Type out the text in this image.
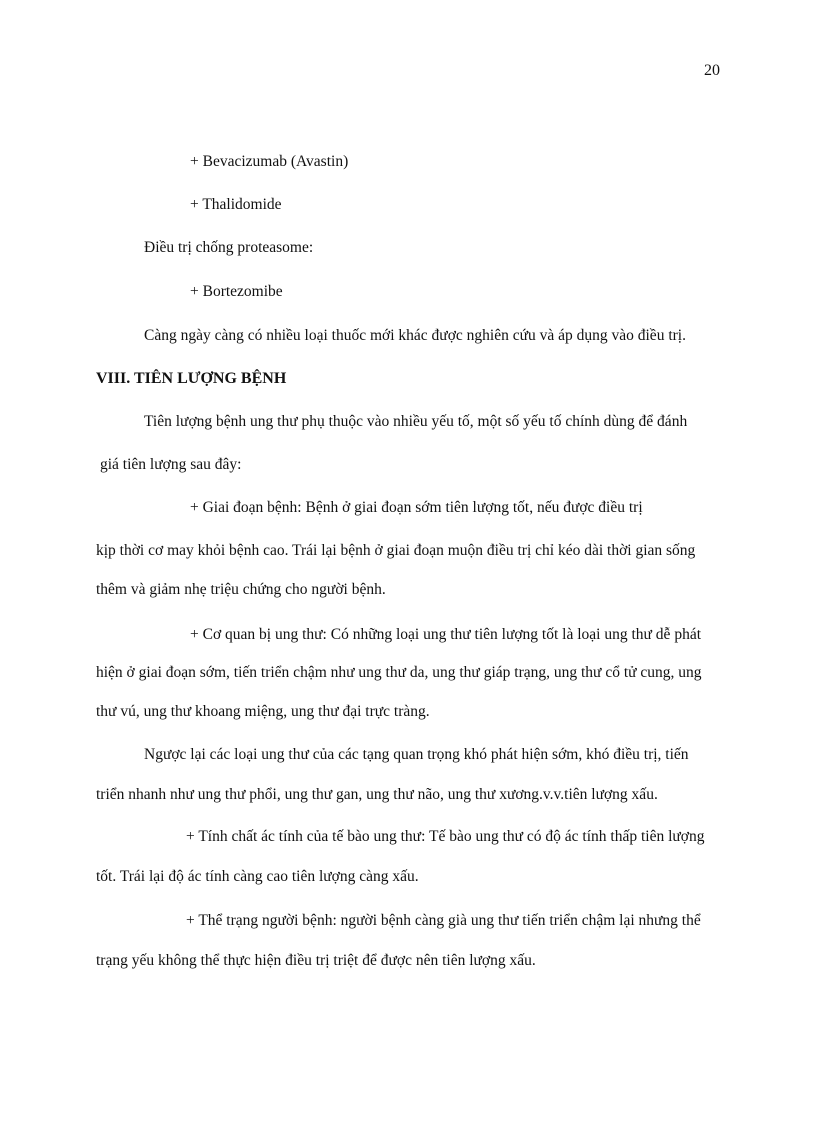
20
+ Bevacizumab (Avastin)
+ Thalidomide
Điều trị chống proteasome:
+ Bortezomibe
Càng ngày càng có nhiều loại thuốc mới khác được nghiên cứu và áp dụng vào điều trị.
VIII. TIÊN LƯỢNG BỆNH
Tiên lượng bệnh ung thư phụ thuộc vào nhiều yếu tố, một số yếu tố chính dùng để đánh
giá tiên lượng sau đây:
+ Giai đoạn bệnh: Bệnh ở giai đoạn sớm tiên lượng tốt, nếu được điều trị
kịp thời cơ may khỏi bệnh cao. Trái lại bệnh ở giai đoạn muộn điều trị chỉ kéo dài thời gian sống
thêm và giảm nhẹ triệu chứng cho người bệnh.
+ Cơ quan bị ung thư: Có những loại ung thư tiên lượng tốt là loại ung thư dễ phát
hiện ở giai đoạn sớm, tiến triển chậm như ung thư da, ung thư giáp trạng, ung thư cổ tử cung, ung
thư vú, ung thư khoang miệng, ung thư đại trực tràng.
Ngược lại các loại ung thư của các tạng quan trọng khó phát hiện sớm, khó điều trị, tiến
triển nhanh như ung thư phổi, ung thư gan, ung thư não, ung thư xương.v.v.tiên lượng xấu.
+ Tính chất ác tính của tế bào ung thư: Tế bào ung thư có độ ác tính thấp tiên lượng
tốt. Trái lại độ ác tính càng cao tiên lượng càng xấu.
+ Thể trạng người bệnh: người bệnh càng già ung thư tiến triển chậm lại nhưng thể
trạng yếu không thể thực hiện điều trị triệt để được nên tiên lượng xấu.
